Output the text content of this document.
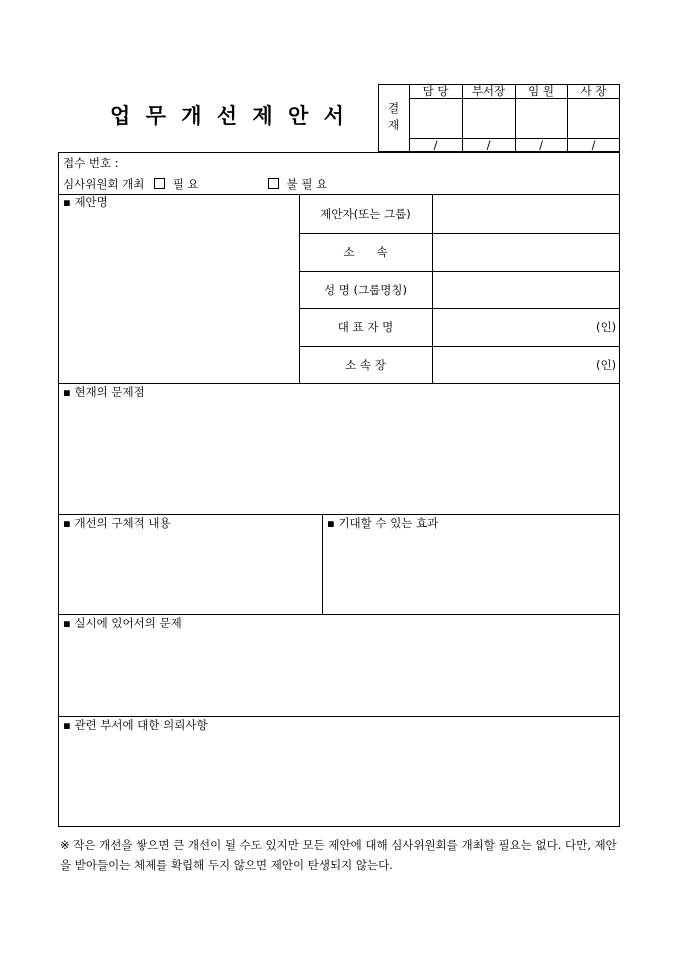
업 무 개 선 제 안 서	결
재
담 당	부서장	임 원	사 장
/	/	/	/
접수 번호 :
심사위원회 개최 필 요	불 필 요
▪ 제안명
제안자(또는 그룹)
소      속
성 명 (그룹명칭)
대 표 자 명	(인)
소 속 장	(인)
▪ 현재의 문제점
▪ 개선의 구체적 내용	▪ 기대할 수 있는 효과
▪ 실시에 있어서의 문제
▪ 관련 부서에 대한 의뢰사항
※ 작은 개선을 쌓으면 큰 개선이 될 수도 있지만 모든 제안에 대해 심사위원회를 개최할 필요는 없다. 다만, 제안을 받아들이는 체제를 확립해 두지 않으면 제안이 탄생되지 않는다.
